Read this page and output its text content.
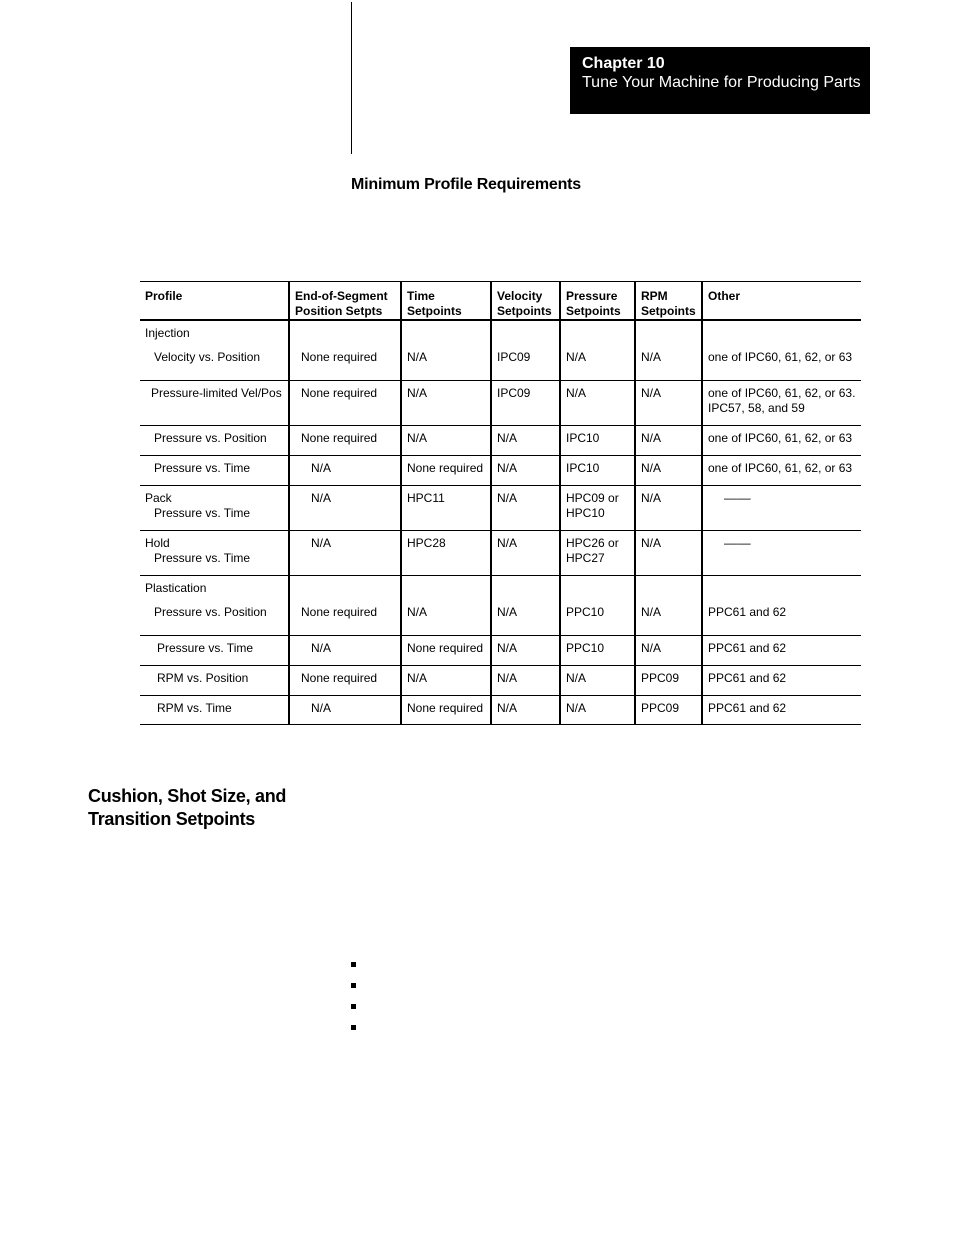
Chapter 10
Tune Your Machine for Producing Parts
Minimum Profile Requirements
Profile	End-of-Segment Position Setpts	Time Setpoints	Velocity Setpoints	Pressure Setpoints	RPM Setpoints	Other
Injection						
Velocity vs. Position	None required	N/A	IPC09	N/A	N/A	one of IPC60, 61, 62, or 63
Pressure-limited Vel/Pos	None required	N/A	IPC09	N/A	N/A	one of IPC60, 61, 62, or 63. IPC57, 58, and 59
Pressure vs. Position	None required	N/A	N/A	IPC10	N/A	one of IPC60, 61, 62, or 63
Pressure vs. Time	N/A	None required	N/A	IPC10	N/A	one of IPC60, 61, 62, or 63

Pack
Pressure vs. Time	N/A	HPC11	N/A	HPC09 or HPC10	N/A	––––

Hold
Pressure vs. Time	N/A	HPC28	N/A	HPC26 or HPC27	N/A	––––
Plastication						
Pressure vs. Position	None required	N/A	N/A	PPC10	N/A	PPC61 and 62
Pressure vs. Time	N/A	None required	N/A	PPC10	N/A	PPC61 and 62
RPM vs. Position	None required	N/A	N/A	N/A	PPC09	PPC61 and 62
RPM vs. Time	N/A	None required	N/A	N/A	PPC09	PPC61 and 62
Cushion, Shot Size, and
Transition Setpoints
